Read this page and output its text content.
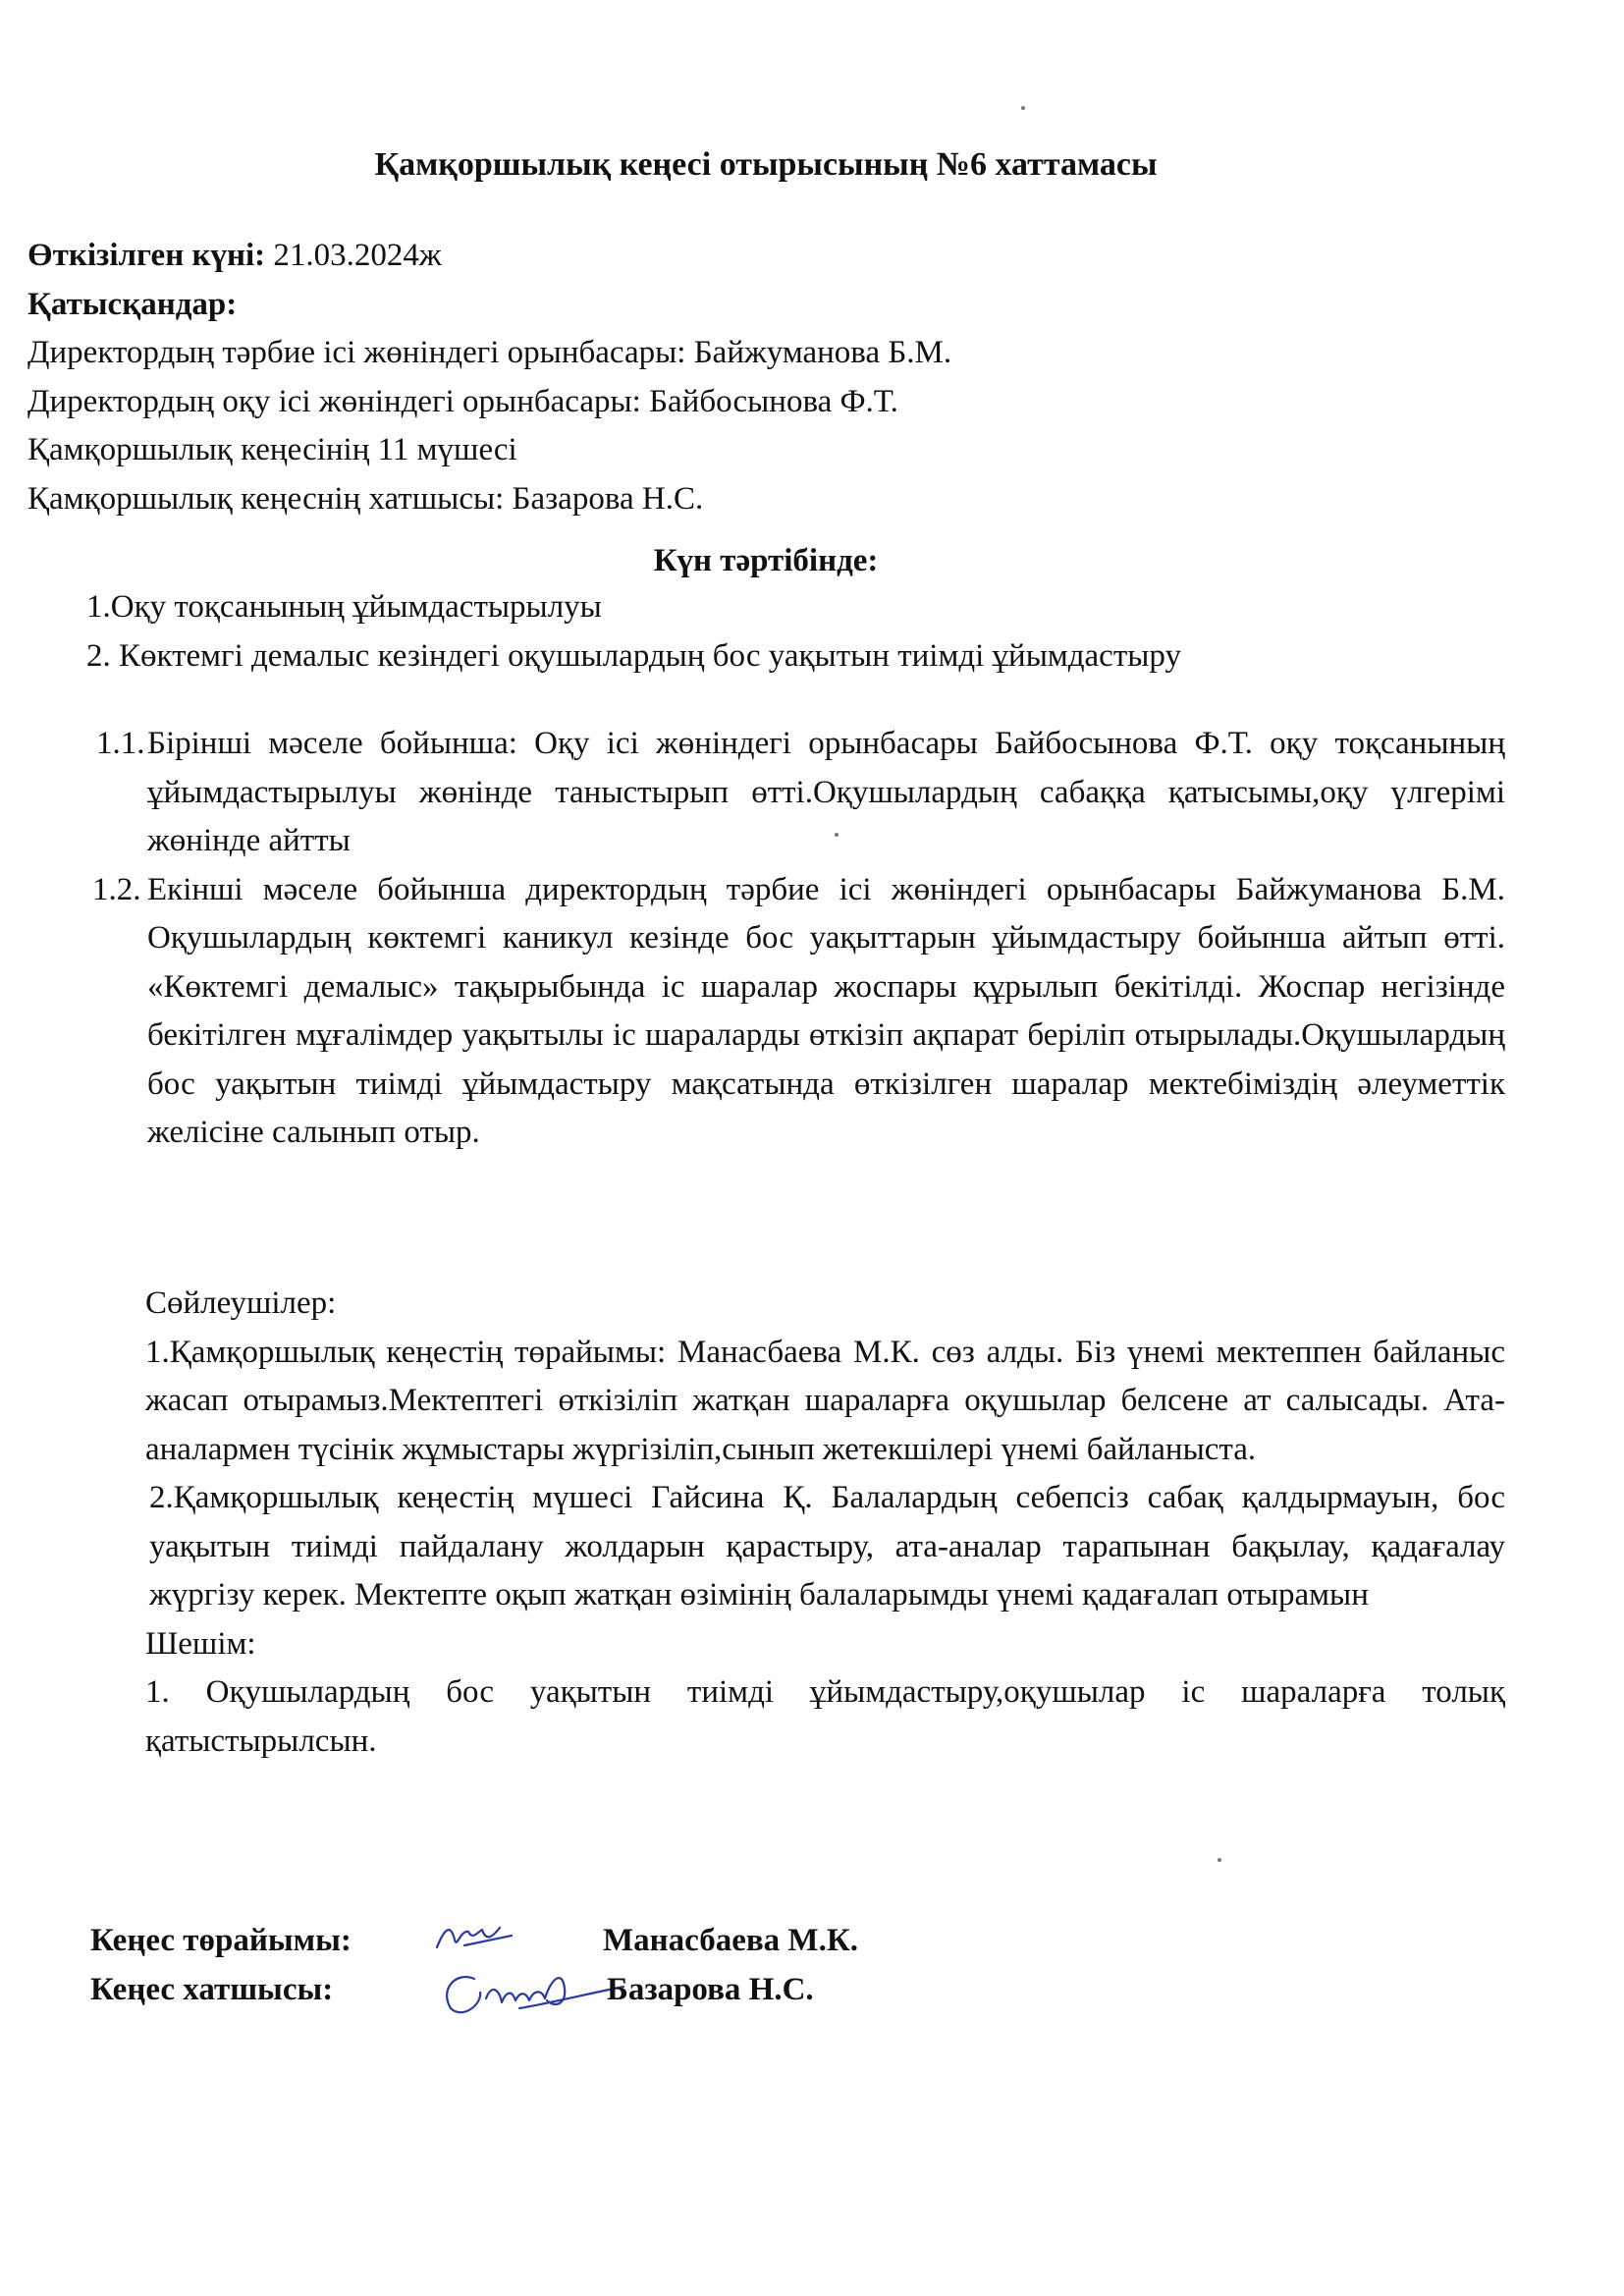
Қамқоршылық кеңесі отырысының №6 хаттамасы
Өткізілген күні: 21.03.2024ж
Қатысқандар:
Директордың тәрбие ісі жөніндегі орынбасары: Байжуманова Б.М.
Директордың оқу ісі жөніндегі орынбасары: Байбосынова Ф.Т.
Қамқоршылық кеңесінің 11 мүшесі
Қамқоршылық кеңеснің хатшысы: Базарова Н.С.
Күн тәртібінде:
1.Оқу тоқсанының ұйымдастырылуы
2. Көктемгі демалыс кезіндегі оқушылардың бос уақытын тиімді ұйымдастыру
1.1. Бірінші мәселе бойынша: Оқу ісі жөніндегі орынбасары Байбосынова Ф.Т. оқу тоқсанының ұйымдастырылуы жөнінде таныстырып өтті.Оқушылардың сабаққа қатысымы,оқу үлгерімі жөнінде айтты
1.2. Екінші мәселе бойынша директордың тәрбие ісі жөніндегі орынбасары Байжуманова Б.М. Оқушылардың көктемгі каникул кезінде бос уақыттарын ұйымдастыру бойынша айтып өтті. «Көктемгі демалыс» тақырыбында іс шаралар жоспары құрылып бекітілді. Жоспар негізінде бекітілген мұғалімдер уақытылы іс шараларды өткізіп ақпарат беріліп отырылады.Оқушылардың бос уақытын тиімді ұйымдастыру мақсатында өткізілген шаралар мектебіміздің әлеуметтік желісіне салынып отыр.

Сөйлеушілер:

1.Қамқоршылық кеңестің төрайымы: Манасбаева М.К. сөз алды. Біз үнемі мектеппен байланыс жасап отырамыз.Мектептегі өткізіліп жатқан шараларға оқушылар белсене ат салысады. Ата-аналармен түсінік жұмыстары жүргізіліп,сынып жетекшілері үнемі байланыста.

2.Қамқоршылық кеңестің мүшесі Гайсина Қ. Балалардың себепсіз сабақ қалдырмауын, бос уақытын тиімді пайдалану жолдарын қарастыру, ата-аналар тарапынан бақылау, қадағалау жүргізу керек. Мектепте оқып жатқан өзімінің балаларымды үнемі қадағалап отырамын

Шешім:

1. Оқушылардың бос уақытын тиімді ұйымдастыру,оқушылар іс шараларға толық қатыстырылсын.

Кеңес төрайымы:	Манасбаева М.К.
Кеңес хатшысы:	Базарова Н.С.
